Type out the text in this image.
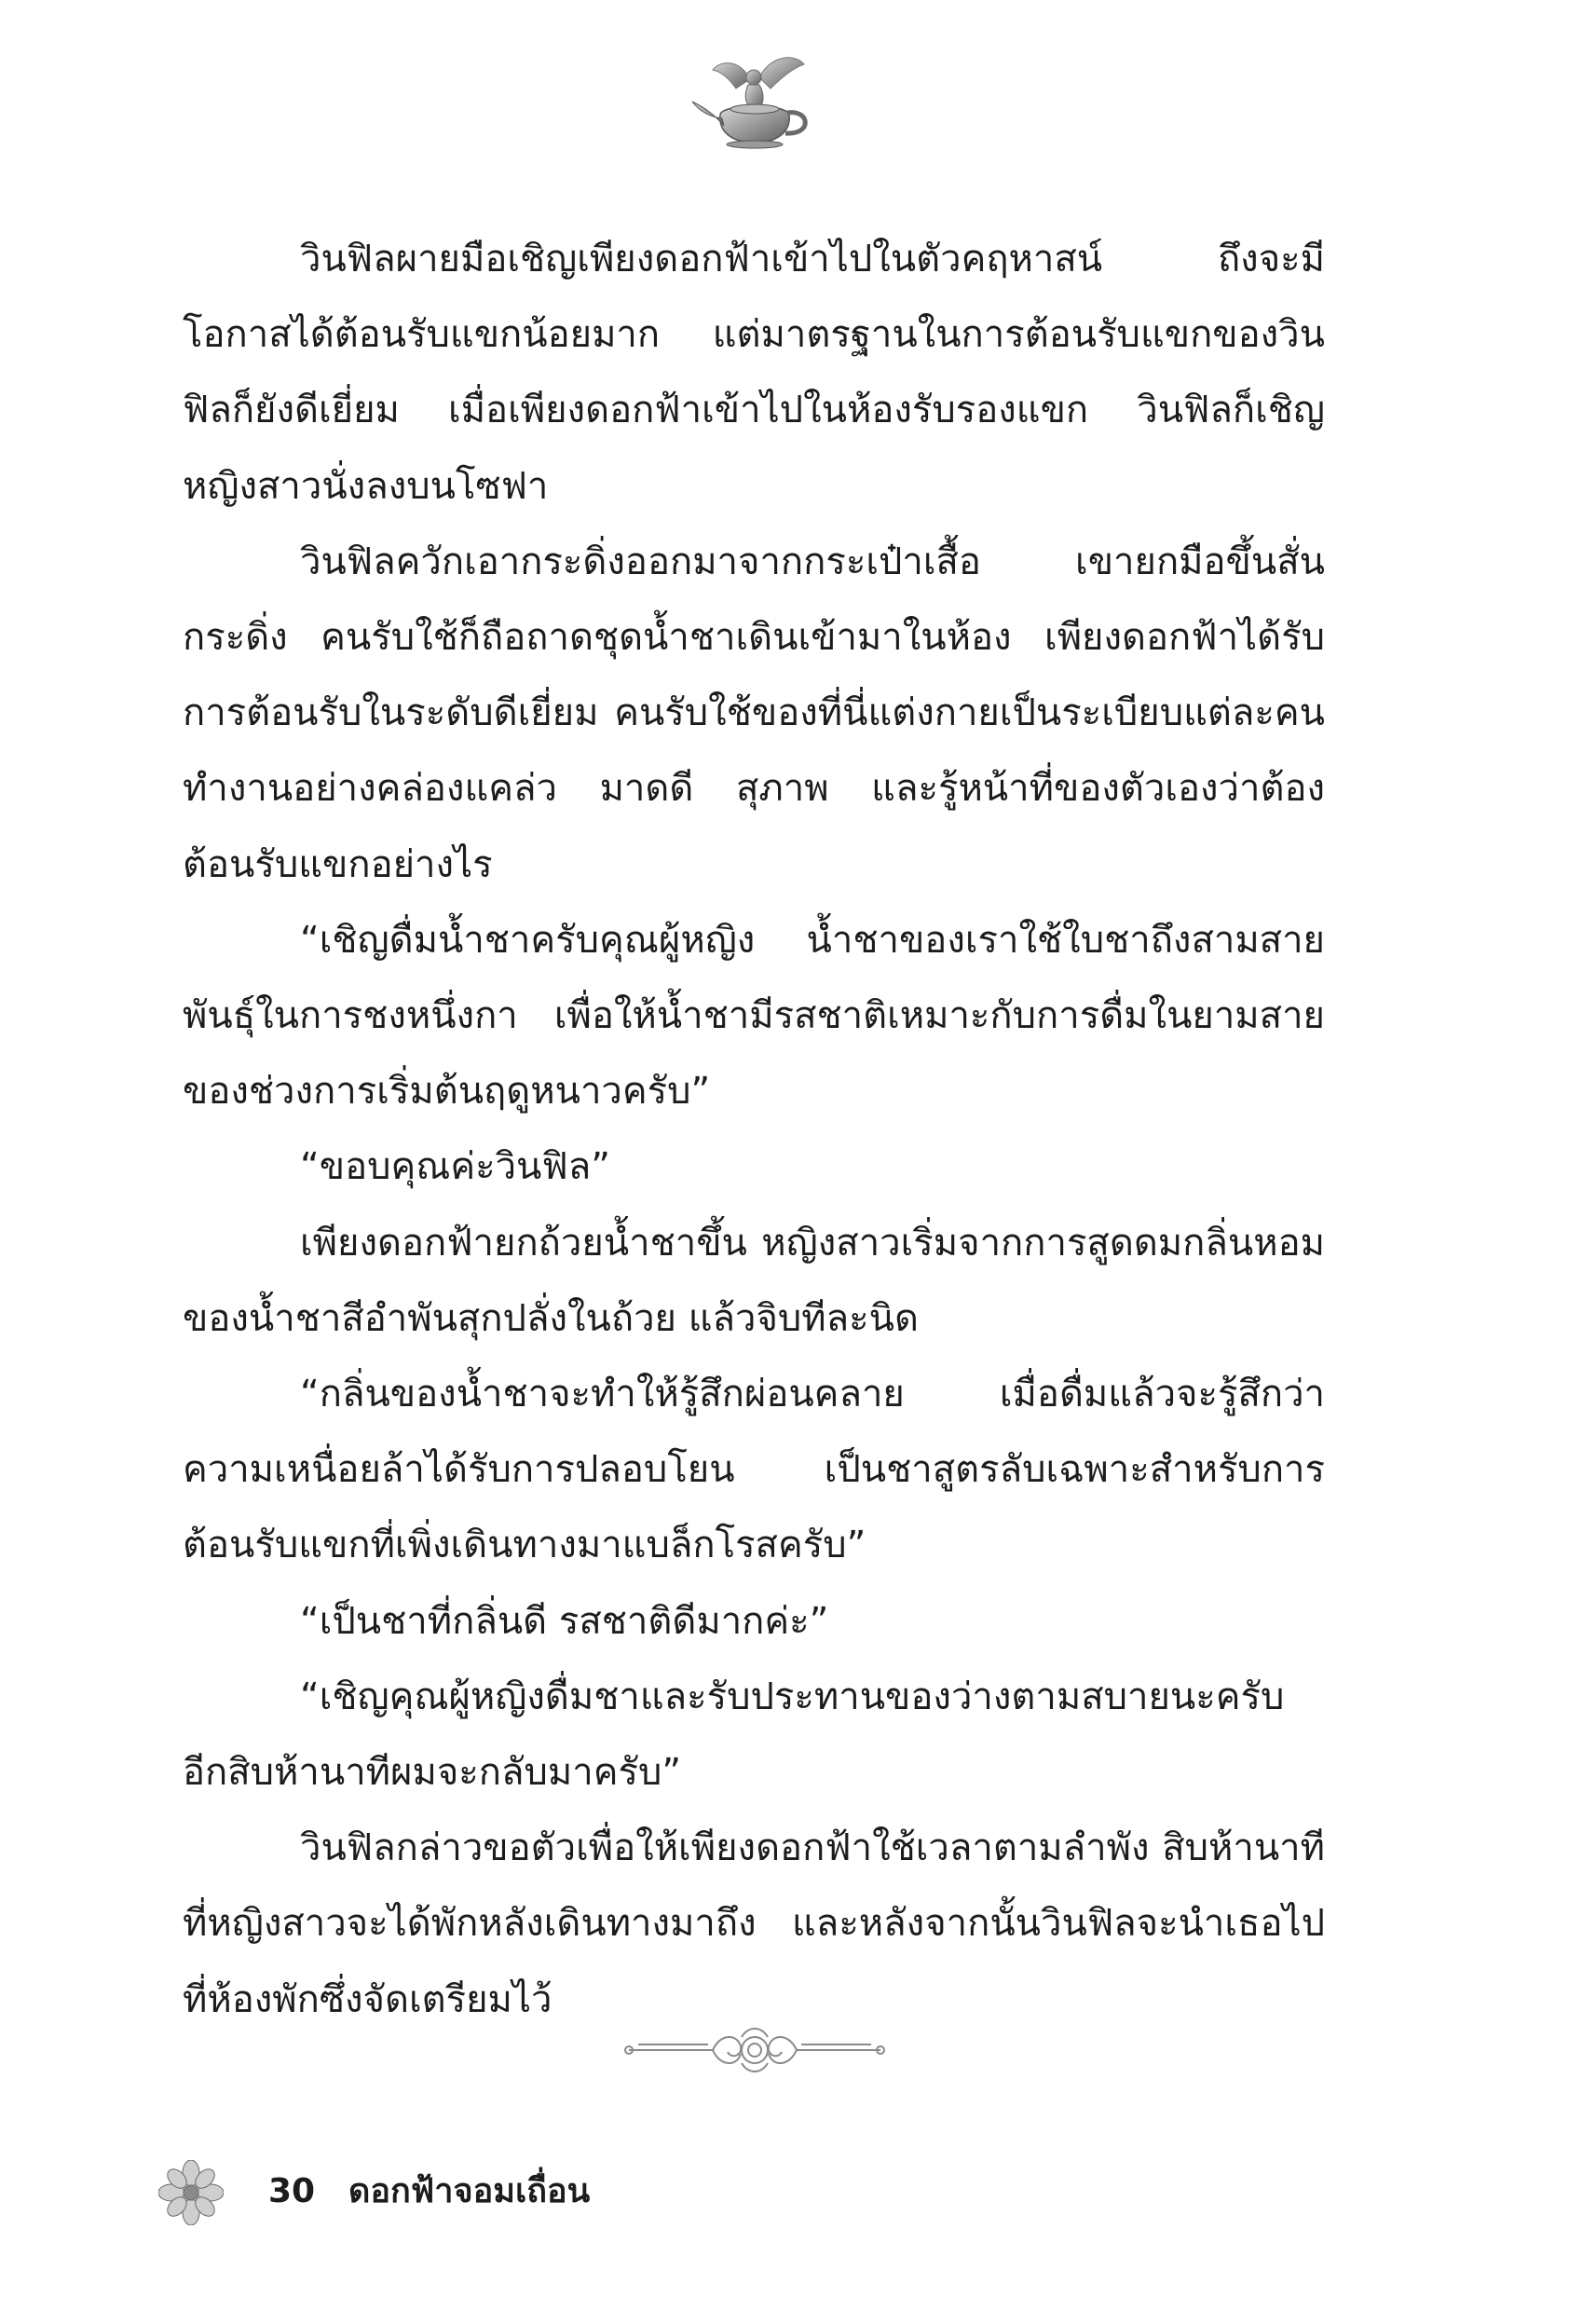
วินฟิลผายมือเชิญเพียงดอกฟ้าเข้าไปในตัวคฤหาสน์ ถึงจะมีโอกาสได้ต้อนรับแขกน้อยมาก แต่มาตรฐานในการต้อนรับแขกของวินฟิลก็ยังดีเยี่ยม เมื่อเพียงดอกฟ้าเข้าไปในห้องรับรองแขก วินฟิลก็เชิญหญิงสาวนั่งลงบนโซฟา

วินฟิลควักเอากระดิ่งออกมาจากกระเป๋าเสื้อ เขายกมือขึ้นสั่นกระดิ่ง คนรับใช้ก็ถือถาดชุดน้ำชาเดินเข้ามาในห้อง เพียงดอกฟ้าได้รับการต้อนรับในระดับดีเยี่ยม คนรับใช้ของที่นี่แต่งกายเป็นระเบียบแต่ละคนทำงานอย่างคล่องแคล่ว มาดดี สุภาพ และรู้หน้าที่ของตัวเองว่าต้องต้อนรับแขกอย่างไร

“เชิญดื่มน้ำชาครับคุณผู้หญิง น้ำชาของเราใช้ใบชาถึงสามสายพันธุ์ในการชงหนึ่งกา เพื่อให้น้ำชามีรสชาติเหมาะกับการดื่มในยามสายของช่วงการเริ่มต้นฤดูหนาวครับ”

“ขอบคุณค่ะวินฟิล”

เพียงดอกฟ้ายกถ้วยน้ำชาขึ้น หญิงสาวเริ่มจากการสูดดมกลิ่นหอมของน้ำชาสีอำพันสุกปลั่งในถ้วย แล้วจิบทีละนิด

“กลิ่นของน้ำชาจะทำให้รู้สึกผ่อนคลาย เมื่อดื่มแล้วจะรู้สึกว่าความเหนื่อยล้าได้รับการปลอบโยน เป็นชาสูตรลับเฉพาะสำหรับการต้อนรับแขกที่เพิ่งเดินทางมาแบล็กโรสครับ”

“เป็นชาที่กลิ่นดี รสชาติดีมากค่ะ”

“เชิญคุณผู้หญิงดื่มชาและรับประทานของว่างตามสบายนะครับอีกสิบห้านาทีผมจะกลับมาครับ”

วินฟิลกล่าวขอตัวเพื่อให้เพียงดอกฟ้าใช้เวลาตามลำพัง สิบห้านาทีที่หญิงสาวจะได้พักหลังเดินทางมาถึง และหลังจากนั้นวินฟิลจะนำเธอไปที่ห้องพักซึ่งจัดเตรียมไว้

30 ดอกฟ้าจอมเถื่อน
